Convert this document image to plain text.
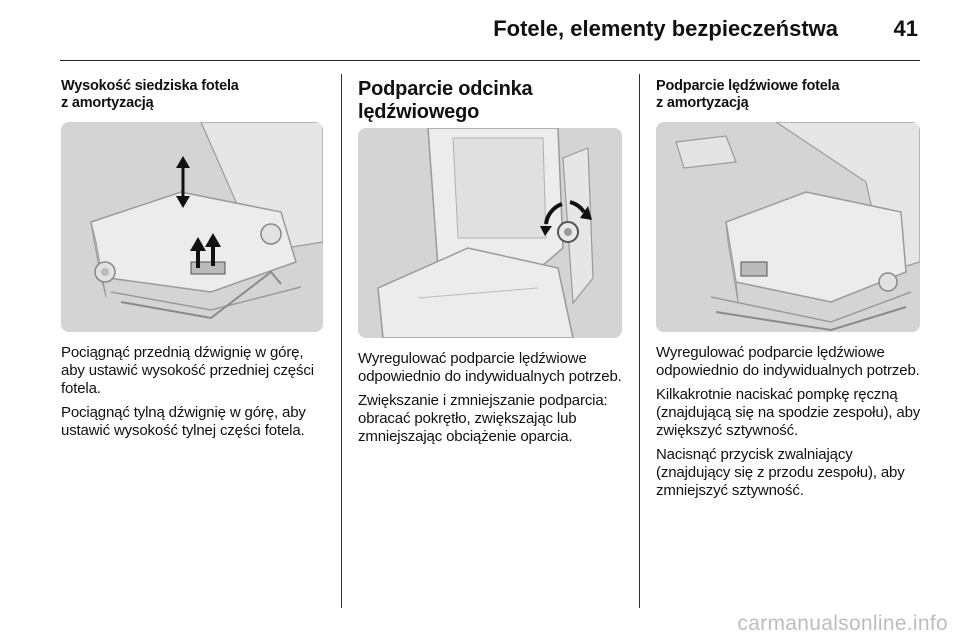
Fotele, elementy bezpieczeństwa	41
Wysokość siedziska fotela
z amortyzacją

Pociągnąć przednią dźwignię w górę, aby ustawić wysokość przedniej części fotela.

Pociągnąć tylną dźwignię w górę, aby ustawić wysokość tylnej części fotela.

Podparcie odcinka
lędźwiowego

Wyregulować podparcie lędźwiowe odpowiednio do indywidualnych potrzeb.

Zwiększanie i zmniejszanie podparcia: obracać pokrętło, zwiększając lub zmniejszając obciążenie oparcia.

Podparcie lędźwiowe fotela
z amortyzacją

Wyregulować podparcie lędźwiowe odpowiednio do indywidualnych potrzeb.

Kilkakrotnie naciskać pompkę ręczną (znajdującą się na spodzie zespołu), aby zwiększyć sztywność.

Nacisnąć przycisk zwalniający (znajdujący się z przodu zespołu), aby zmniejszyć sztywność.

carmanualsonline.info
